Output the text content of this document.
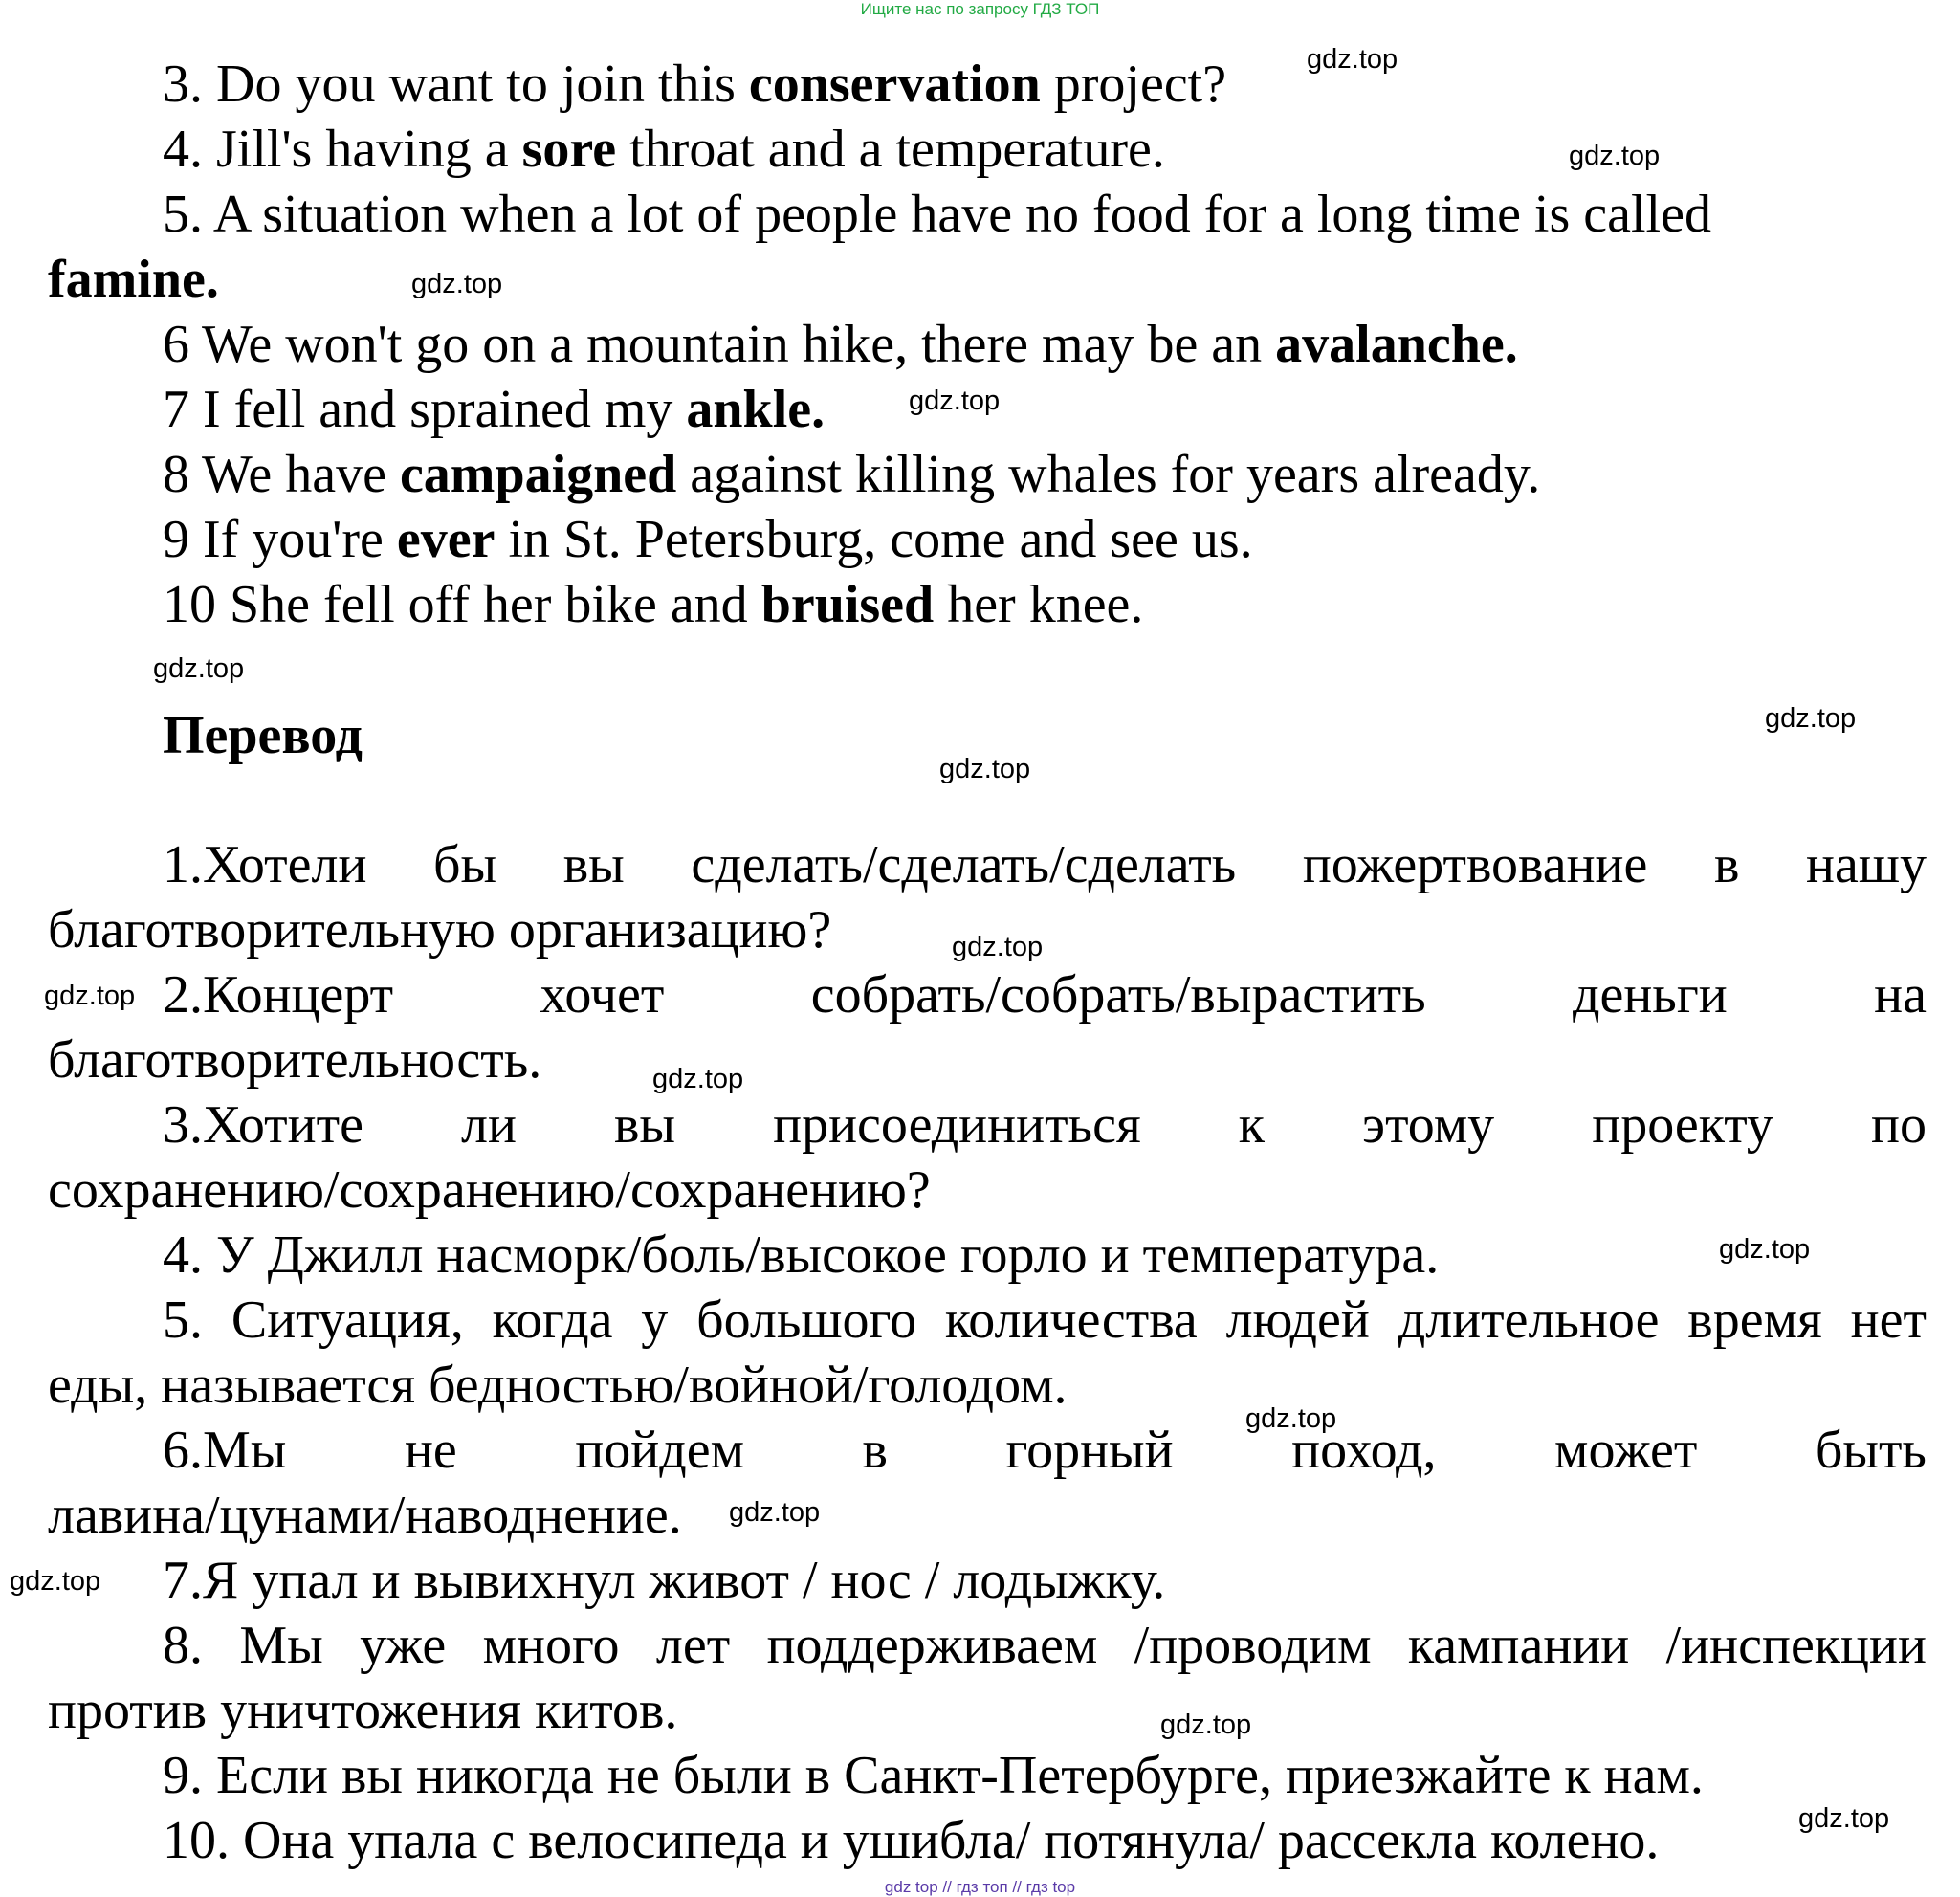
Ищите нас по запросу ГДЗ ТОП
3. Do you want to join this conservation project?
4. Jill's having a sore throat and a temperature.
5. A situation when a lot of people have no food for a long time is called
famine.
6 We won't go on a mountain hike, there may be an avalanche.
7 I fell and sprained my ankle.
8 We have campaigned against killing whales for years already.
9 If you're ever in St. Petersburg, come and see us.
10 She fell off her bike and bruised her knee.
Перевод
1.Хотели бы вы сделать/сделать/сделать пожертвование в нашу
благотворительную организацию?
2.Концерт	хочет	собрать/собрать/вырастить	деньги	на
благотворительность.
3.Хотите ли вы присоединиться к этому проекту по
сохранению/сохранению/сохранению?
4. У Джилл насморк/боль/высокое горло и температура.
5. Ситуация, когда у большого количества людей длительное время нет
еды, называется бедностью/войной/голодом.
6.Мы не пойдем в горный поход, может быть
лавина/цунами/наводнение.
7.Я упал и вывихнул живот / нос / лодыжку.
8. Мы уже много лет поддерживаем /проводим кампании /инспекции
против уничтожения китов.
9. Если вы никогда не были в Санкт-Петербурге, приезжайте к нам.
10. Она упала с велосипеда и ушибла/ потянула/ рассекла колено.
gdz.top
gdz.top
gdz.top
gdz.top
gdz.top
gdz.top
gdz.top
gdz.top
gdz.top
gdz.top
gdz.top
gdz.top
gdz.top
gdz.top
gdz.top
gdz.top
gdz top // гдз топ // гдз top
